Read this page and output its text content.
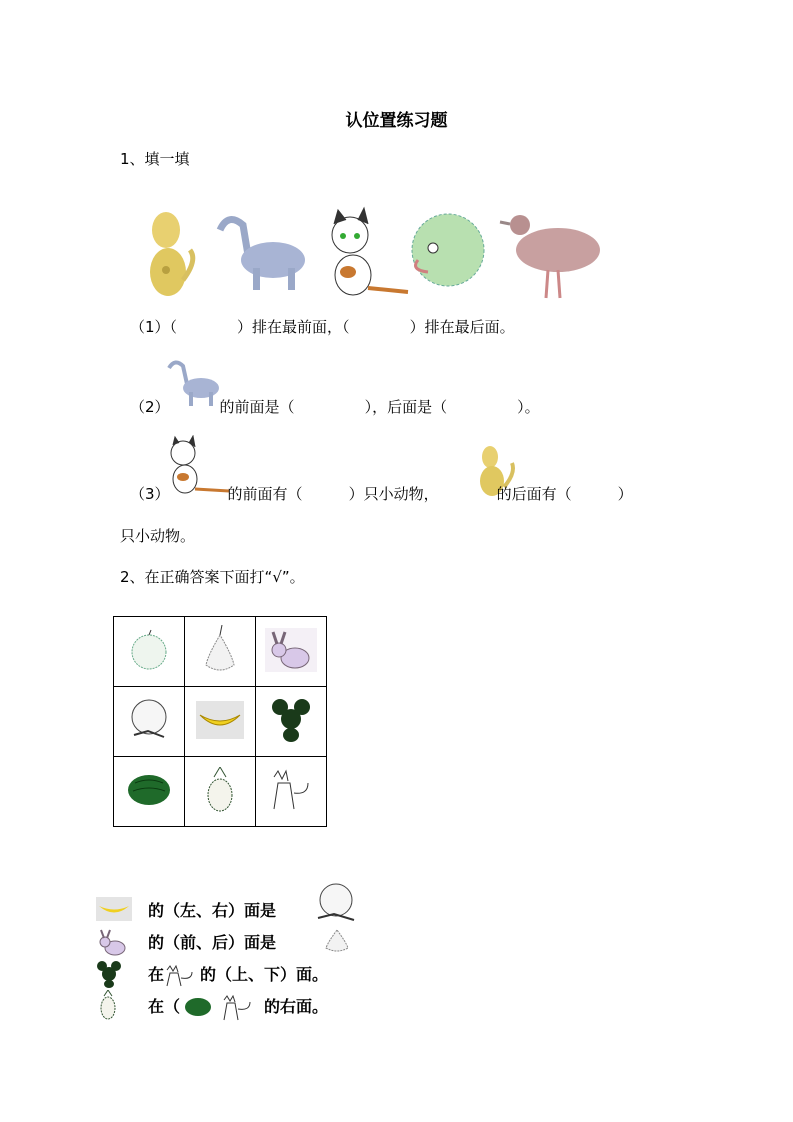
认位置练习题
1、填一填
（1）（	）排在最前面，（	）排在最后面。
（2）	的前面是（	），后面是（	）。
（3）	的前面有（	）只小动物，	的后面有（	）
只小动物。
2、在正确答案下面打“√”。

的（左、右）面是
的（前、后）面是
在 的（上、下）面。
在（	的右面。
